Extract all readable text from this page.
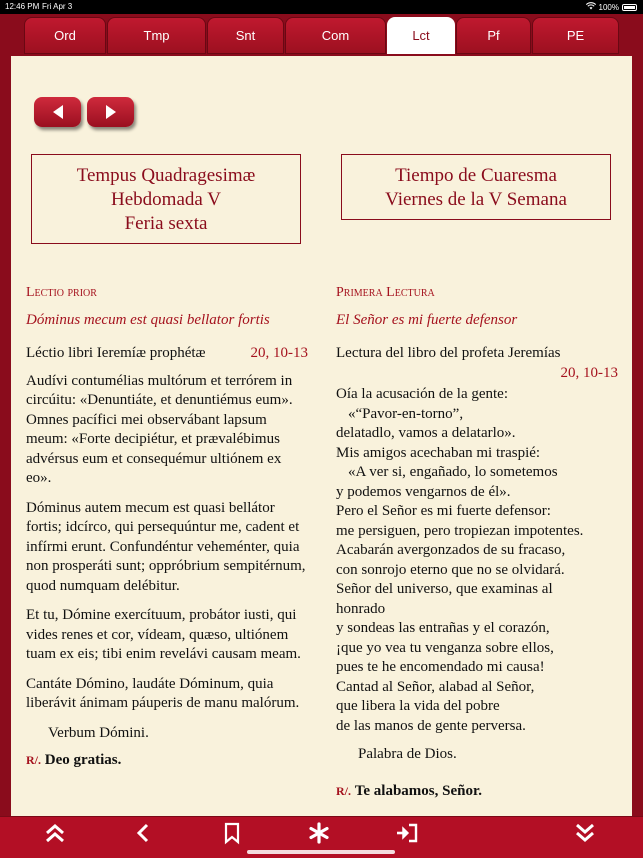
12:46 PM Fri Apr 3	100%
Ord	Tmp	Snt	Com	Lct	Pf	PE
Tempus Quadragesimæ
Hebdomada V
Feria sexta
Tiempo de Cuaresma
Viernes de la V Semana
Lectio prior
Dóminus mecum est quasi bellator fortis
Léctio libri Ieremíæ prophétæ	20, 10-13
Audívi contumélias multórum et terrórem in circúitu: «Denuntiáte, et denuntiémus eum». Omnes pacífici mei observábant lapsum meum: «Forte decipiétur, et prævalébimus advérsus eum et consequémur ultiónem ex eo».
Dóminus autem mecum est quasi bellátor fortis; idcírco, qui persequúntur me, cadent et infírmi erunt. Confundéntur veheménter, quia non prosperáti sunt; oppróbrium sempitérnum, quod numquam delébitur.
Et tu, Dómine exercítuum, probátor iusti, qui vides renes et cor, vídeam, quæso, ultiónem tuam ex eis; tibi enim revelávi causam meam.
Cantáte Dómino, laudáte Dóminum, quia liberávit ánimam páuperis de manu malórum.
Verbum Dómini.
R/. Deo gratias.
Primera Lectura
El Señor es mi fuerte defensor
Lectura del libro del profeta Jeremías
20, 10-13
Oía la acusación de la gente:
«“Pavor-en-torno”,
delatadlo, vamos a delatarlo».
Mis amigos acechaban mi traspié:
«A ver si, engañado, lo sometemos
y podemos vengarnos de él».
Pero el Señor es mi fuerte defensor:
me persiguen, pero tropiezan impotentes.
Acabarán avergonzados de su fracaso,
con sonrojo eterno que no se olvidará.
Señor del universo, que examinas al
honrado
y sondeas las entrañas y el corazón,
¡que yo vea tu venganza sobre ellos,
pues te he encomendado mi causa!
Cantad al Señor, alabad al Señor,
que libera la vida del pobre
de las manos de gente perversa.
Palabra de Dios.
R/. Te alabamos, Señor.
